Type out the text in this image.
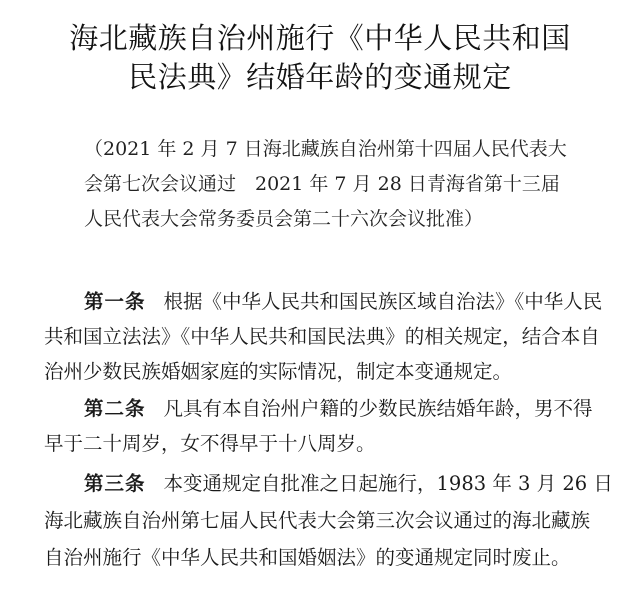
海北藏族自治州施行《中华人民共和国
民法典》结婚年龄的变通规定
（2021 年 2 月 7 日海北藏族自治州第十四届人民代表大
会第七次会议通过　2021 年 7 月 28 日青海省第十三届
人民代表大会常务委员会第二十六次会议批准）
第一条 根据《中华人民共和国民族区域自治法》《中华人民
共和国立法法》《中华人民共和国民法典》的相关规定，结合本自
治州少数民族婚姻家庭的实际情况，制定本变通规定。
第二条 凡具有本自治州户籍的少数民族结婚年龄，男不得
早于二十周岁，女不得早于十八周岁。
第三条 本变通规定自批准之日起施行，1983 年 3 月 26 日
海北藏族自治州第七届人民代表大会第三次会议通过的海北藏族
自治州施行《中华人民共和国婚姻法》的变通规定同时废止。
